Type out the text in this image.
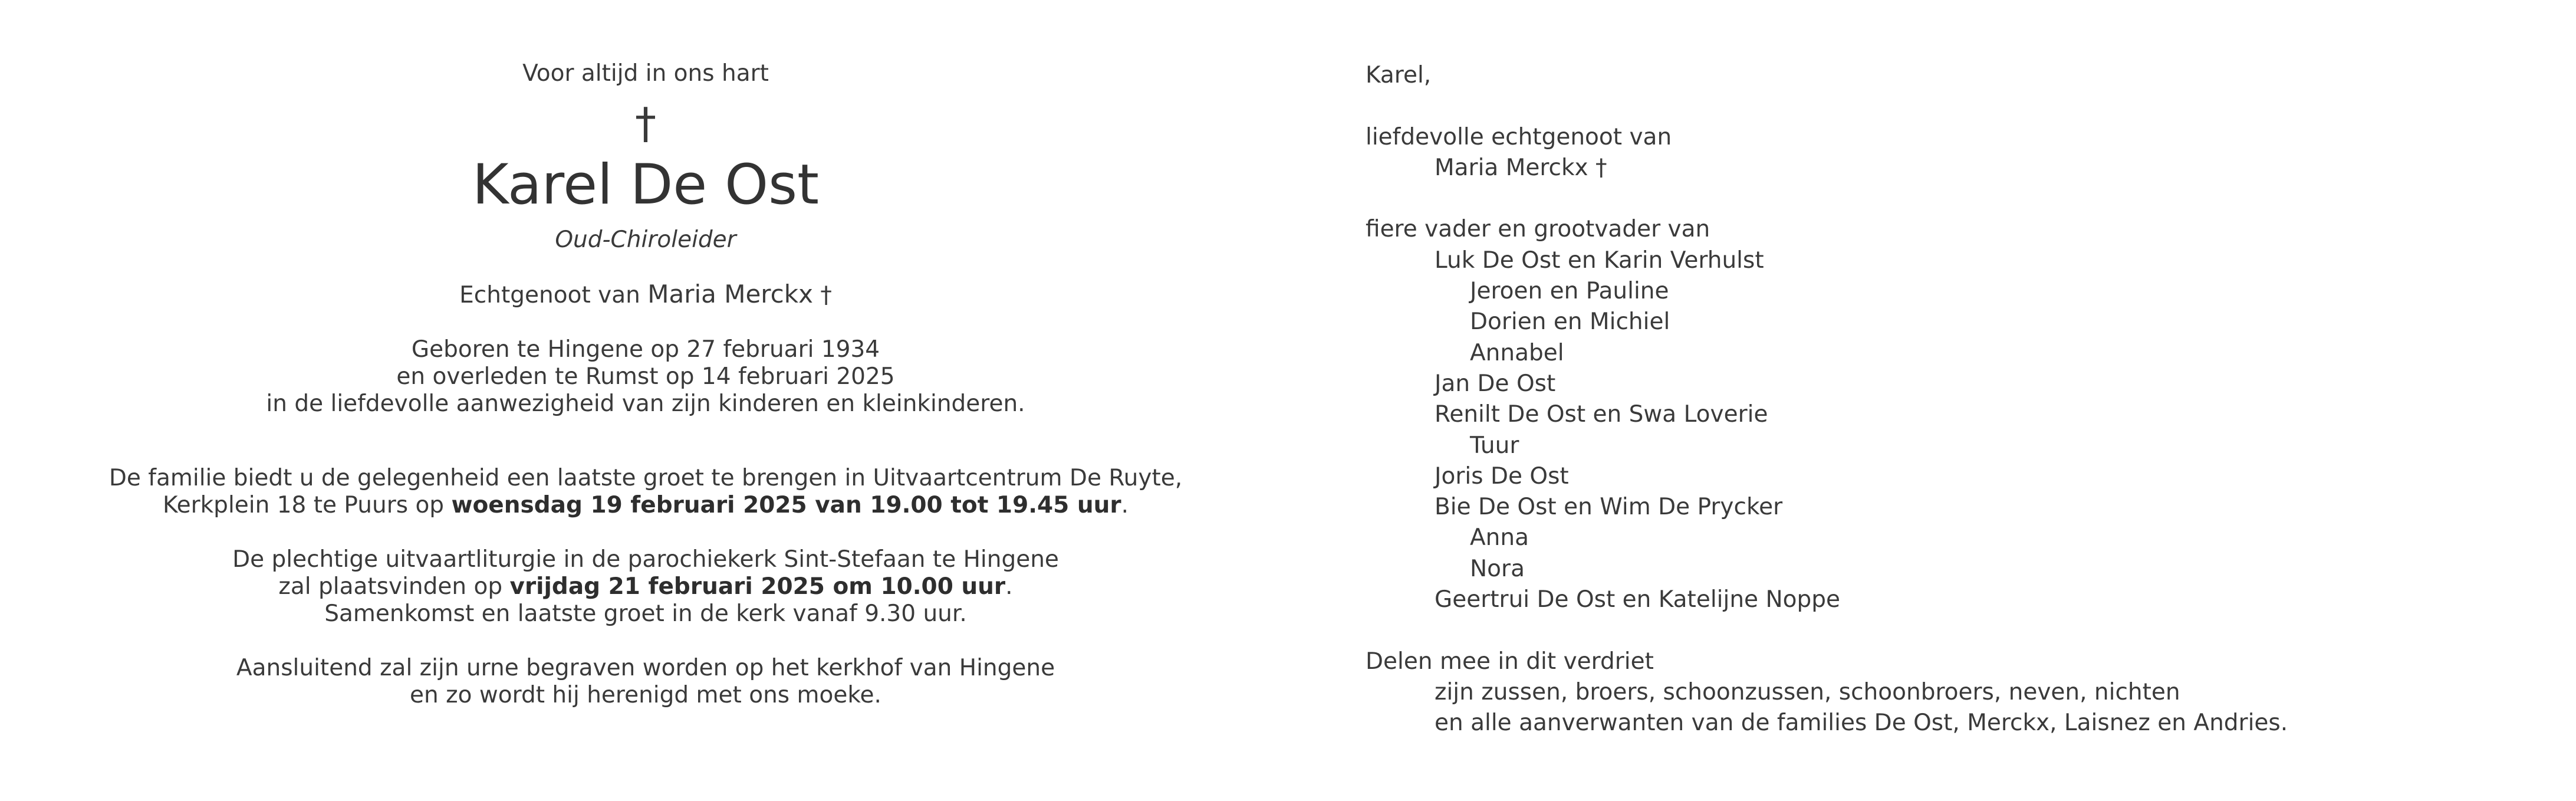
Voor altijd in ons hart
†
Karel De Ost
Oud-Chiroleider
Echtgenoot van Maria Merckx †
Geboren te Hingene op 27 februari 1934
en overleden te Rumst op 14 februari 2025
in de liefdevolle aanwezigheid van zijn kinderen en kleinkinderen.
De familie biedt u de gelegenheid een laatste groet te brengen in Uitvaartcentrum De Ruyte,
Kerkplein 18 te Puurs op woensdag 19 februari 2025 van 19.00 tot 19.45 uur.
De plechtige uitvaartliturgie in de parochiekerk Sint-Stefaan te Hingene
zal plaatsvinden op vrijdag 21 februari 2025 om 10.00 uur.
Samenkomst en laatste groet in de kerk vanaf 9.30 uur.
Aansluitend zal zijn urne begraven worden op het kerkhof van Hingene
en zo wordt hij herenigd met ons moeke.
Karel,
liefdevolle echtgenoot van
Maria Merckx †
fiere vader en grootvader van
Luk De Ost en Karin Verhulst
Jeroen en Pauline
Dorien en Michiel
Annabel
Jan De Ost
Renilt De Ost en Swa Loverie
Tuur
Joris De Ost
Bie De Ost en Wim De Prycker
Anna
Nora
Geertrui De Ost en Katelijne Noppe
Delen mee in dit verdriet
zijn zussen, broers, schoonzussen, schoonbroers, neven, nichten
en alle aanverwanten van de families De Ost, Merckx, Laisnez en Andries.
